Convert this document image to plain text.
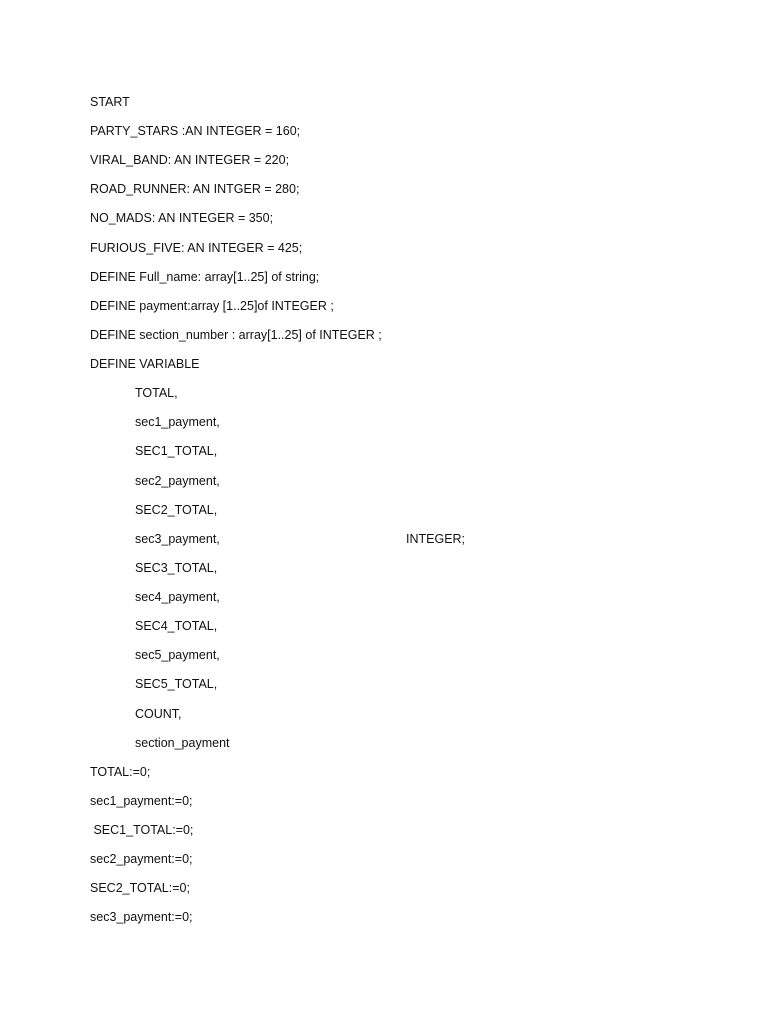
START
PARTY_STARS :AN INTEGER = 160;
VIRAL_BAND: AN INTEGER = 220;
ROAD_RUNNER: AN INTGER = 280;
NO_MADS: AN INTEGER = 350;
FURIOUS_FIVE: AN INTEGER = 425;
DEFINE Full_name: array[1..25] of string;
DEFINE payment:array [1..25]of INTEGER ;
DEFINE section_number : array[1..25] of INTEGER ;
DEFINE VARIABLE
TOTAL,
sec1_payment,
SEC1_TOTAL,
sec2_payment,
SEC2_TOTAL,
sec3_payment,	INTEGER;
SEC3_TOTAL,
sec4_payment,
SEC4_TOTAL,
sec5_payment,
SEC5_TOTAL,
COUNT,
section_payment
TOTAL:=0;
sec1_payment:=0;
SEC1_TOTAL:=0;
sec2_payment:=0;
SEC2_TOTAL:=0;
sec3_payment:=0;
